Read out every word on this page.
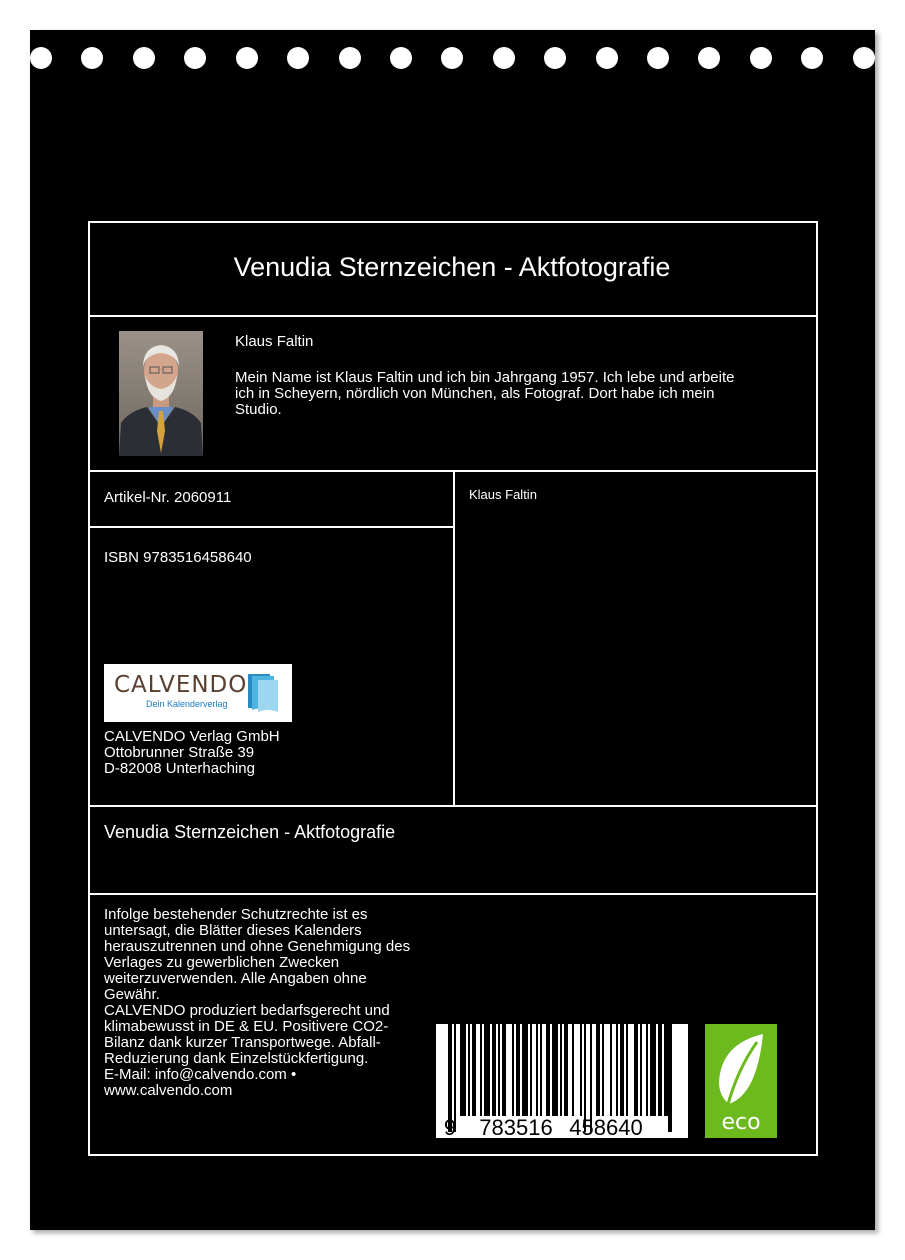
Venudia Sternzeichen - Aktfotografie
Klaus Faltin
Mein Name ist Klaus Faltin und ich bin Jahrgang 1957. Ich lebe und arbeite ich in Scheyern, nördlich von München, als Fotograf. Dort habe ich mein Studio.
Artikel-Nr. 2060911
ISBN 9783516458640
Klaus Faltin
CALVENDO
Dein Kalenderverlag
CALVENDO Verlag GmbH
Ottobrunner Straße 39
D-82008 Unterhaching
Venudia Sternzeichen - Aktfotografie
Infolge bestehender Schutzrechte ist es
untersagt, die Blätter dieses Kalenders
herauszutrennen und ohne Genehmigung des
Verlages zu gewerblichen Zwecken
weiterzuverwenden. Alle Angaben ohne
Gewähr.
CALVENDO produziert bedarfsgerecht und
klimabewusst in DE & EU. Positivere CO2-
Bilanz dank kurzer Transportwege. Abfall-
Reduzierung dank Einzelstückfertigung.
E-Mail: info@calvendo.com •
www.calvendo.com
9 783516 458640	eco
